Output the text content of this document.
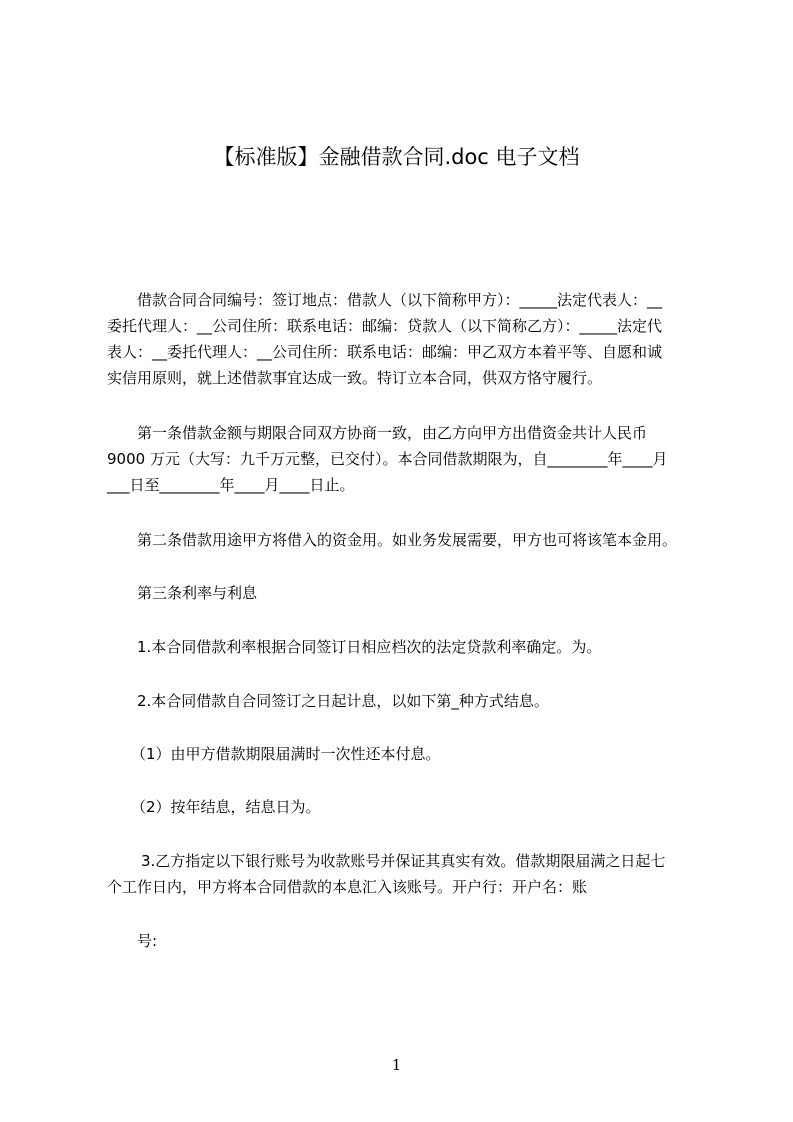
【标准版】金融借款合同.doc 电子文档
借款合同合同编号：签订地点：借款人（以下简称甲方）：_____法定代表人：__
委托代理人：__公司住所：联系电话：邮编：贷款人（以下简称乙方）：_____法定代
表人：__委托代理人：__公司住所：联系电话：邮编：甲乙双方本着平等、自愿和诚
实信用原则，就上述借款事宜达成一致。特订立本合同，供双方恪守履行。
第一条借款金额与期限合同双方协商一致，由乙方向甲方出借资金共计人民币
9000 万元（大写：九千万元整，已交付）。本合同借款期限为，自________年____月
___日至________年____月____日止。
第二条借款用途甲方将借入的资金用。如业务发展需要，甲方也可将该笔本金用。
第三条利率与利息
1.本合同借款利率根据合同签订日相应档次的法定贷款利率确定。为。
2.本合同借款自合同签订之日起计息，以如下第_种方式结息。
（1）由甲方借款期限届满时一次性还本付息。
（2）按年结息，结息日为。
3.乙方指定以下银行账号为收款账号并保证其真实有效。借款期限届满之日起七
个工作日内，甲方将本合同借款的本息汇入该账号。开户行：开户名：账
号:
1
